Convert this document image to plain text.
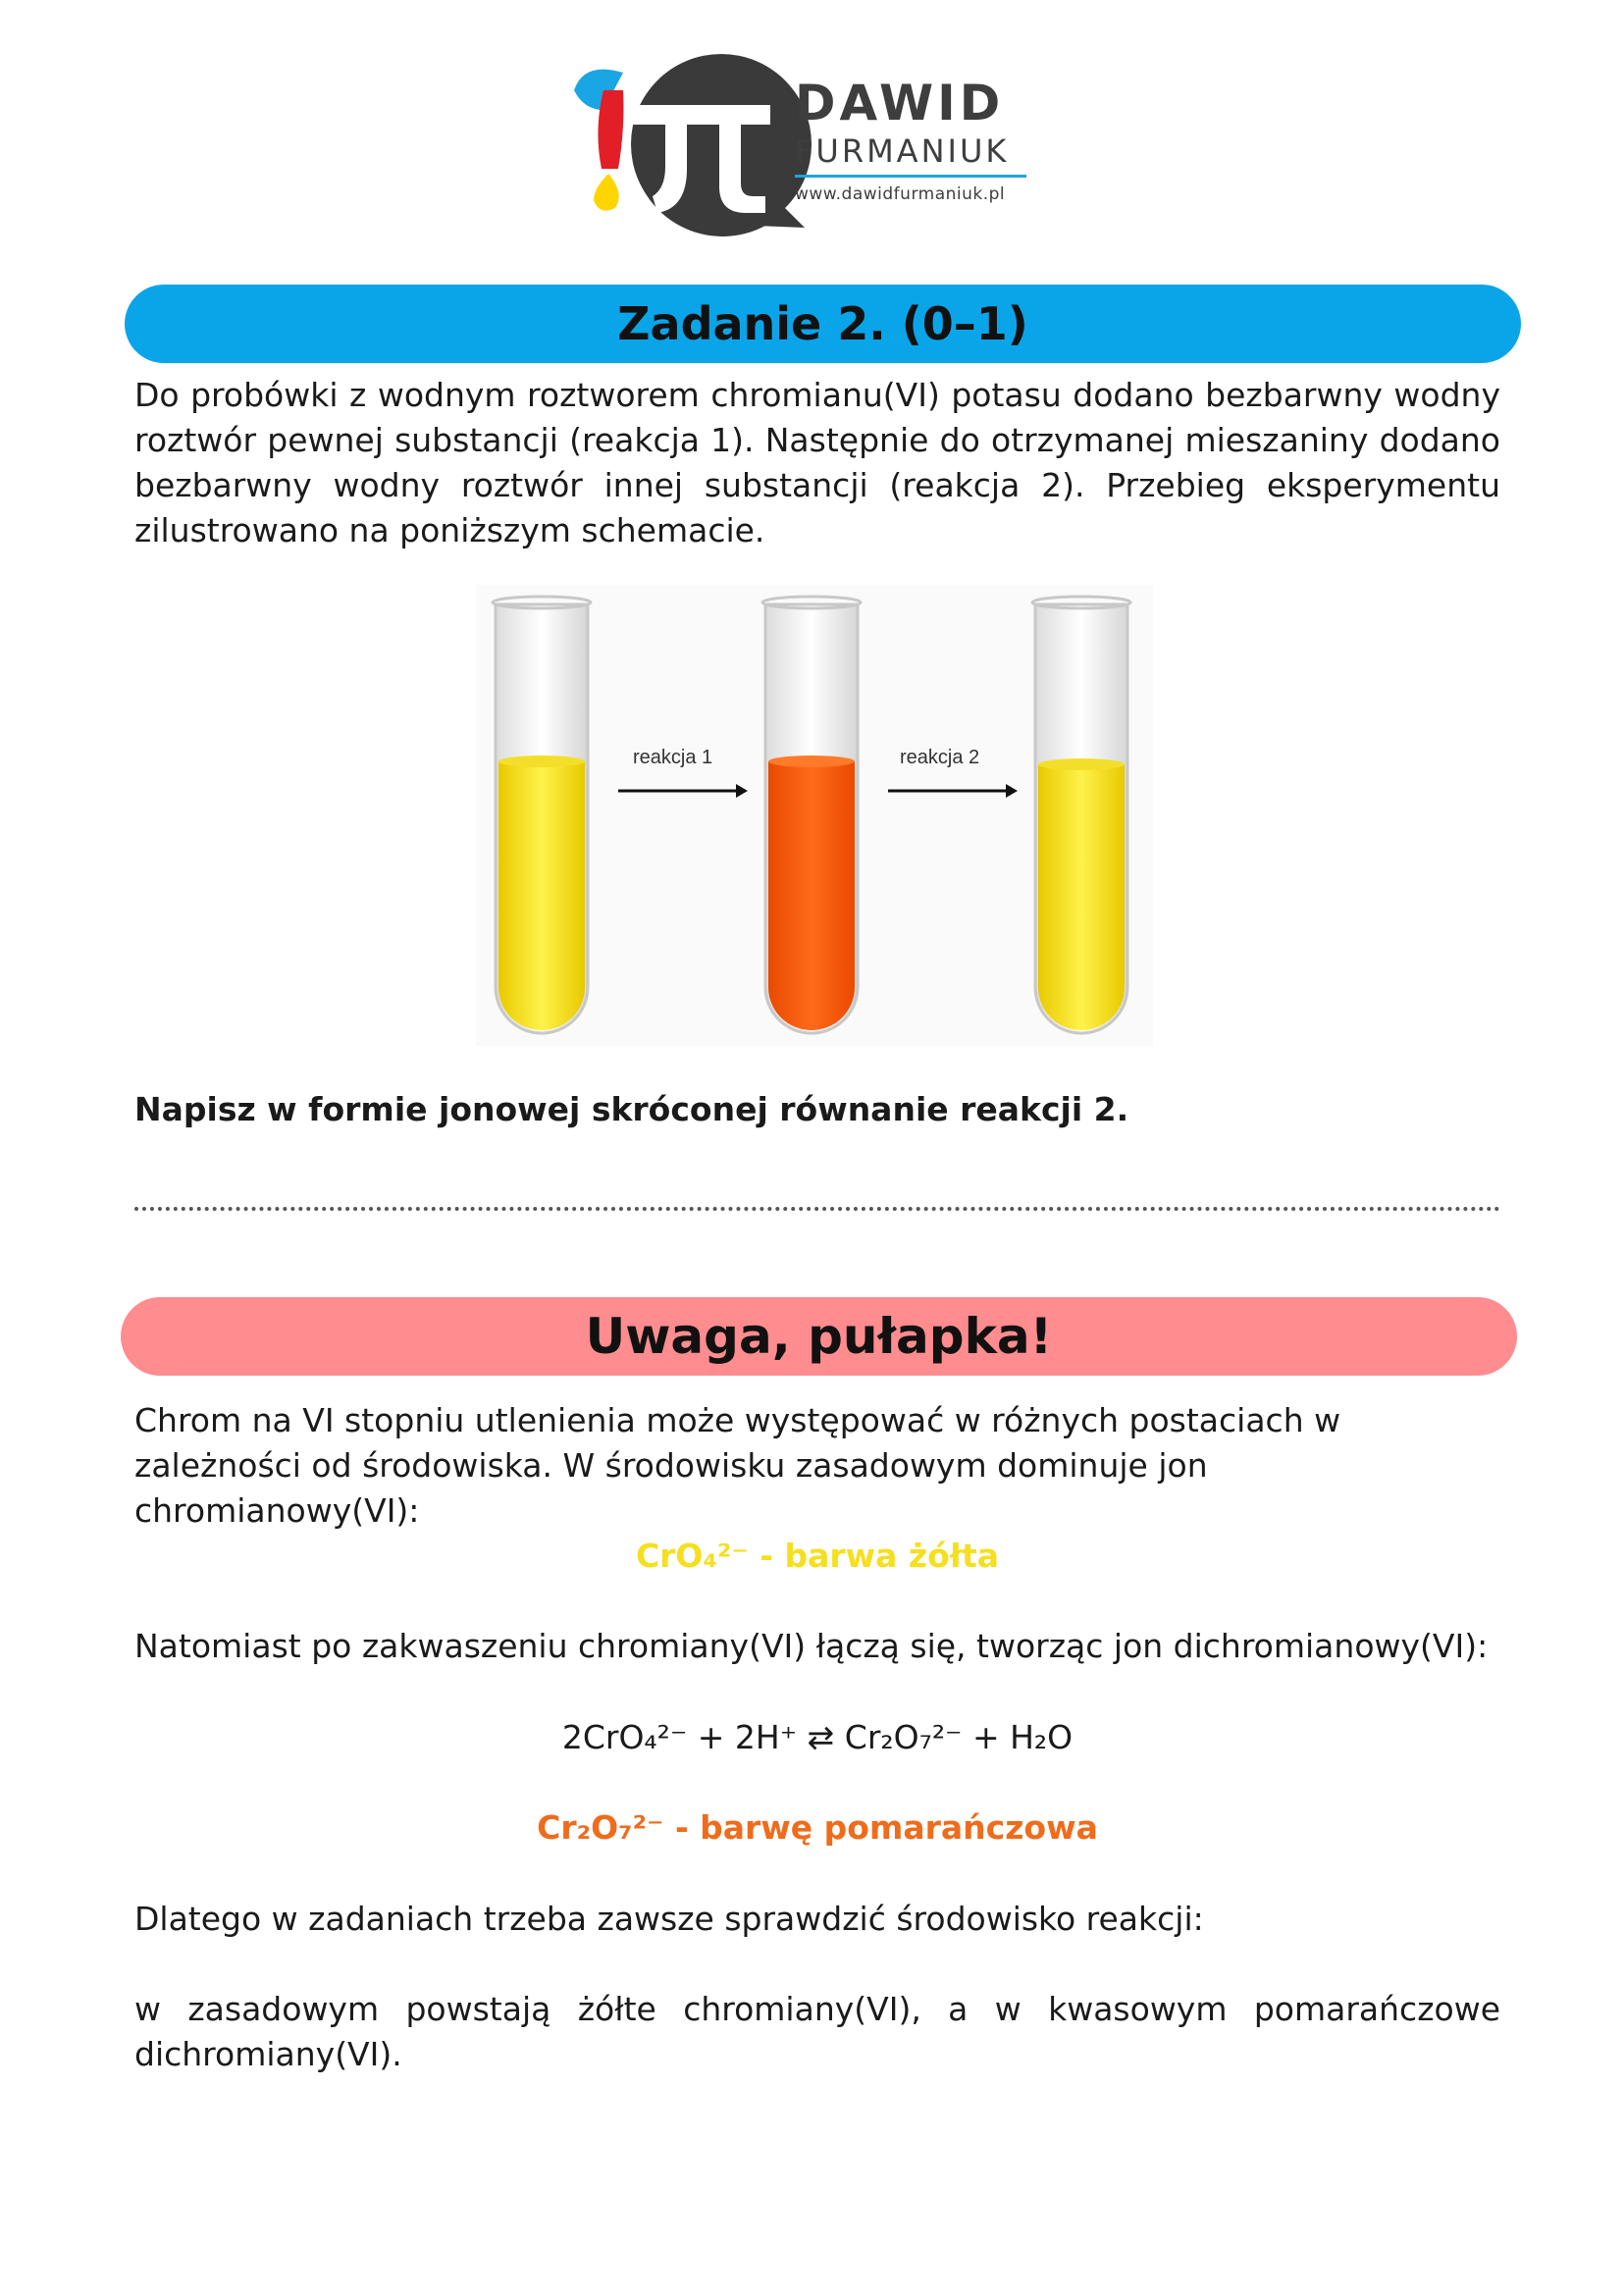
DAWID
FURMANIUK
www.dawidfurmaniuk.pl
Zadanie 2. (0–1)

Do probówki z wodnym roztworem chromianu(VI) potasu dodano bezbarwny wodny roztwór pewnej substancji (reakcja 1). Następnie do otrzymanej mieszaniny dodano bezbarwny wodny roztwór innej substancji (reakcja 2). Przebieg eksperymentu zilustrowano na poniższym schemacie.

reakcja 1	reakcja 2

Napisz w formie jonowej skróconej równanie reakcji 2.

Uwaga, pułapka!

Chrom na VI stopniu utlenienia może występować w różnych postaciach w zależności od środowiska. W środowisku zasadowym dominuje jon chromianowy(VI):

CrO₄²⁻ - barwa żółta

Natomiast po zakwaszeniu chromiany(VI) łączą się, tworząc jon dichromianowy(VI):

2CrO₄²⁻ + 2H⁺ ⇄ Cr₂O₇²⁻ + H₂O

Cr₂O₇²⁻ - barwę pomarańczowa

Dlatego w zadaniach trzeba zawsze sprawdzić środowisko reakcji:

w zasadowym powstają żółte chromiany(VI), a w kwasowym pomarańczowe dichromiany(VI).
